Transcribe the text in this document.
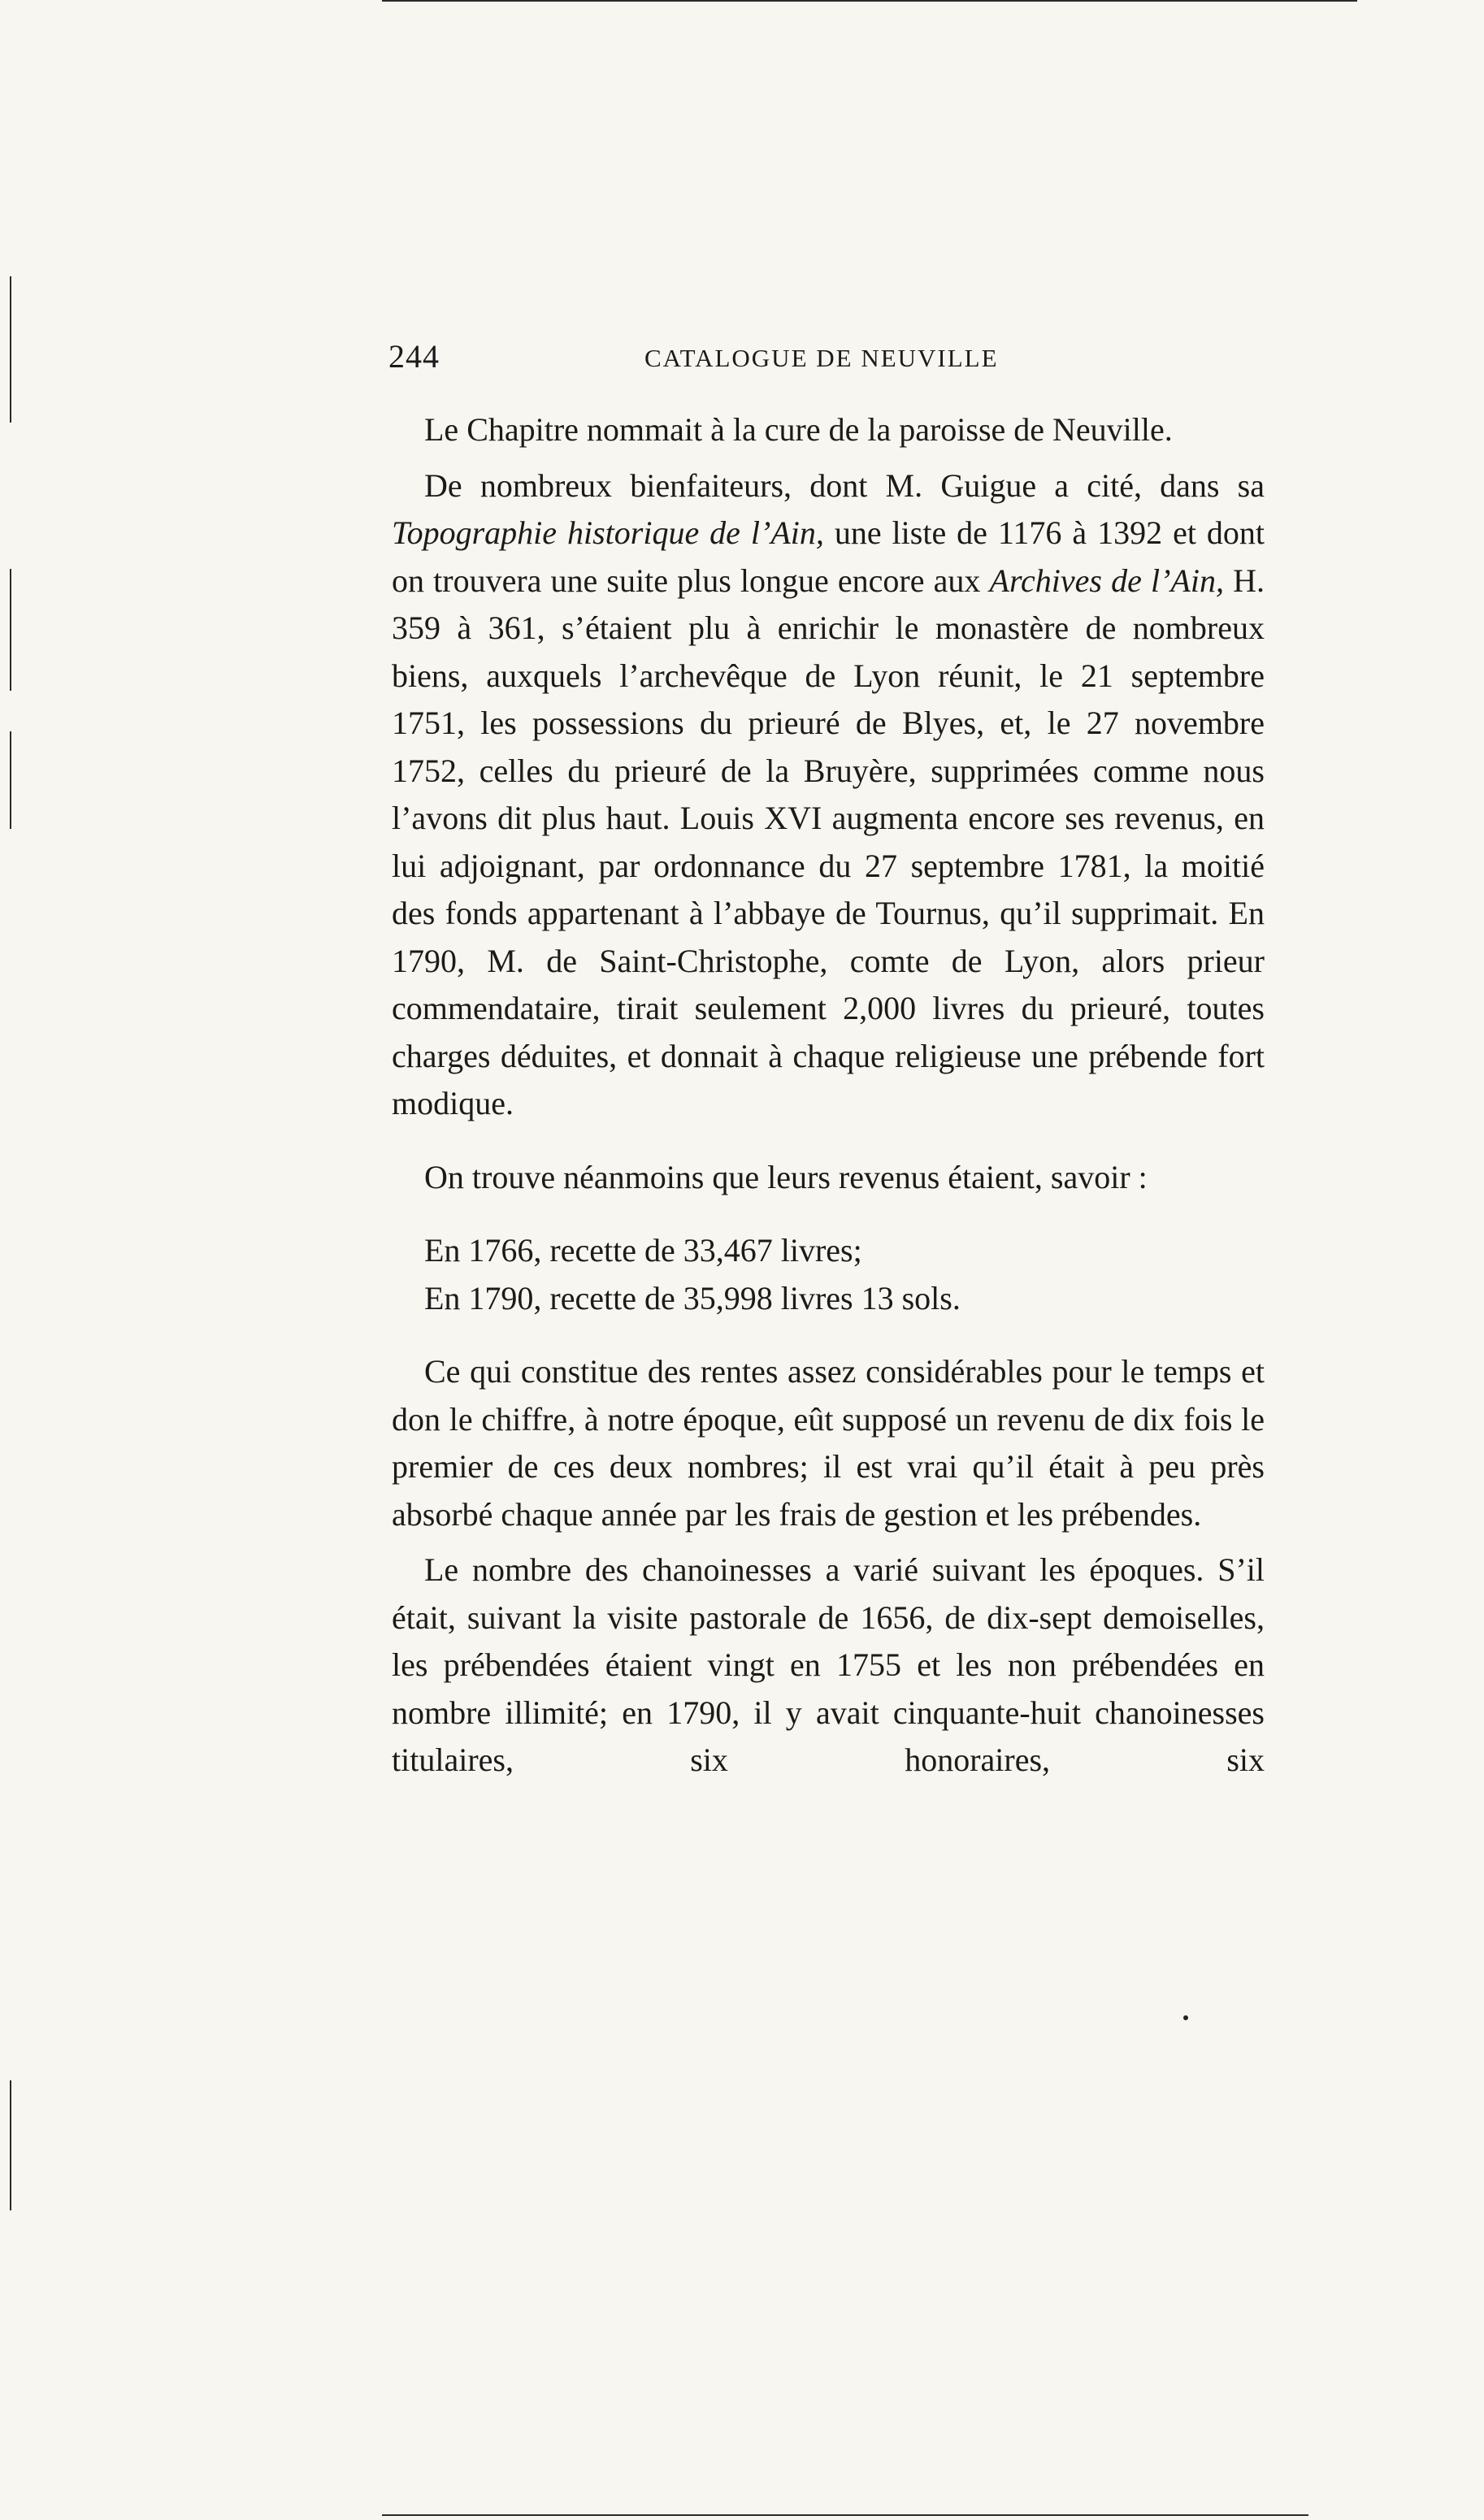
244	CATALOGUE DE NEUVILLE

Le Chapitre nommait à la cure de la paroisse de Neuville.

De nombreux bienfaiteurs, dont M. Guigue a cité, dans sa Topographie historique de l’Ain, une liste de 1176 à 1392 et dont on trouvera une suite plus longue encore aux Archives de l’Ain, H. 359 à 361, s’étaient plu à enrichir le monastère de nombreux biens, auxquels l’archevêque de Lyon réunit, le 21 septembre 1751, les possessions du prieuré de Blyes, et, le 27 novembre 1752, celles du prieuré de la Bruyère, supprimées comme nous l’avons dit plus haut. Louis XVI augmenta encore ses revenus, en lui adjoignant, par ordonnance du 27 septembre 1781, la moitié des fonds appartenant à l’abbaye de Tournus, qu’il supprimait. En 1790, M. de Saint-Christophe, comte de Lyon, alors prieur commendataire, tirait seulement 2,000 livres du prieuré, toutes charges déduites, et donnait à chaque religieuse une prébende fort modique.

On trouve néanmoins que leurs revenus étaient, savoir :

En 1766, recette de 33,467 livres;

En 1790, recette de 35,998 livres 13 sols.

Ce qui constitue des rentes assez considérables pour le temps et don le chiffre, à notre époque, eût supposé un revenu de dix fois le premier de ces deux nombres; il est vrai qu’il était à peu près absorbé chaque année par les frais de gestion et les prébendes.

Le nombre des chanoinesses a varié suivant les époques. S’il était, suivant la visite pastorale de 1656, de dix-sept demoiselles, les prébendées étaient vingt en 1755 et les non prébendées en nombre illimité; en 1790, il y avait cinquante-huit chanoinesses titulaires, six honoraires, six
